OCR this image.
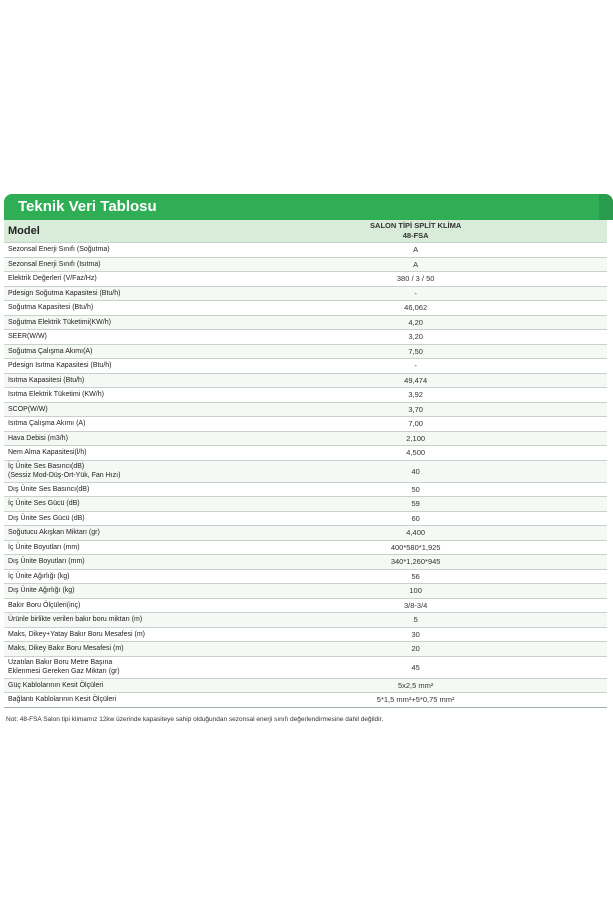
Teknik Veri Tablosu
Model	SALON TİPİ SPLİT KLİMA
48-FSA

Sezonsal Enerji Sınıfı (Soğutma)	A

Sezonsal Enerji Sınıfı (Isıtma)	A

Elektrik Değerleri (V/Faz/Hz)	380 / 3 / 50

Pdesign Soğutma Kapasitesi (Btu/h)	-

Soğutma Kapasitesi (Btu/h)	46,062

Soğutma Elektrik Tüketimi(KW/h)	4,20

SEER(W/W)	3,20

Soğutma Çalışma Akımı(A)	7,50

Pdesign Isıtma Kapasitesi (Btu/h)	-

Isıtma Kapasitesi (Btu/h)	49,474

Isıtma Elektrik Tüketimi (KW/h)	3,92

SCOP(W/W)	3,70

Isıtma Çalışma Akımı (A)	7,00

Hava Debisi (m3/h)	2,100

Nem Alma Kapasitesi(l/h)	4,500

İç Ünite Ses Basıncı(dB)
(Sessiz Mod-Düş-Ort-Yük, Fan Hızı)	40

Dış Ünite Ses Basıncı(dB)	50

İç Ünite Ses Gücü (dB)	59

Dış Ünite Ses Gücü (dB)	60

Soğutucu Akışkan Miktarı (gr)	4,400

İç Ünite Boyutları (mm)	400*580*1,925

Dış Ünite Boyutları (mm)	340*1,260*945

İç Ünite Ağırlığı (kg)	56

Dış Ünite Ağırlığı (kg)	100

Bakır Boru Ölçüleri(inç)	3/8-3/4

Ürünle birlikte verilen bakır boru miktarı (m)	5

Maks, Dikey+Yatay Bakır Boru Mesafesi (m)	30

Maks, Dikey Bakır Boru Mesafesi (m)	20

Uzatılan Bakır Boru Metre Başına
Eklenmesi Gereken Gaz Miktarı (gr)	45

Güç Kablolarının Kesit Ölçüleri	5x2,5 mm²

Bağlantı Kablolarının Kesit Ölçüleri	5*1,5 mm²+5*0,75 mm²
Not: 48-FSA Salon tipi klimamız 12kw üzerinde kapasiteye sahip olduğundan sezonsal enerji sınıfı değerlendirmesine dahil değildir.
